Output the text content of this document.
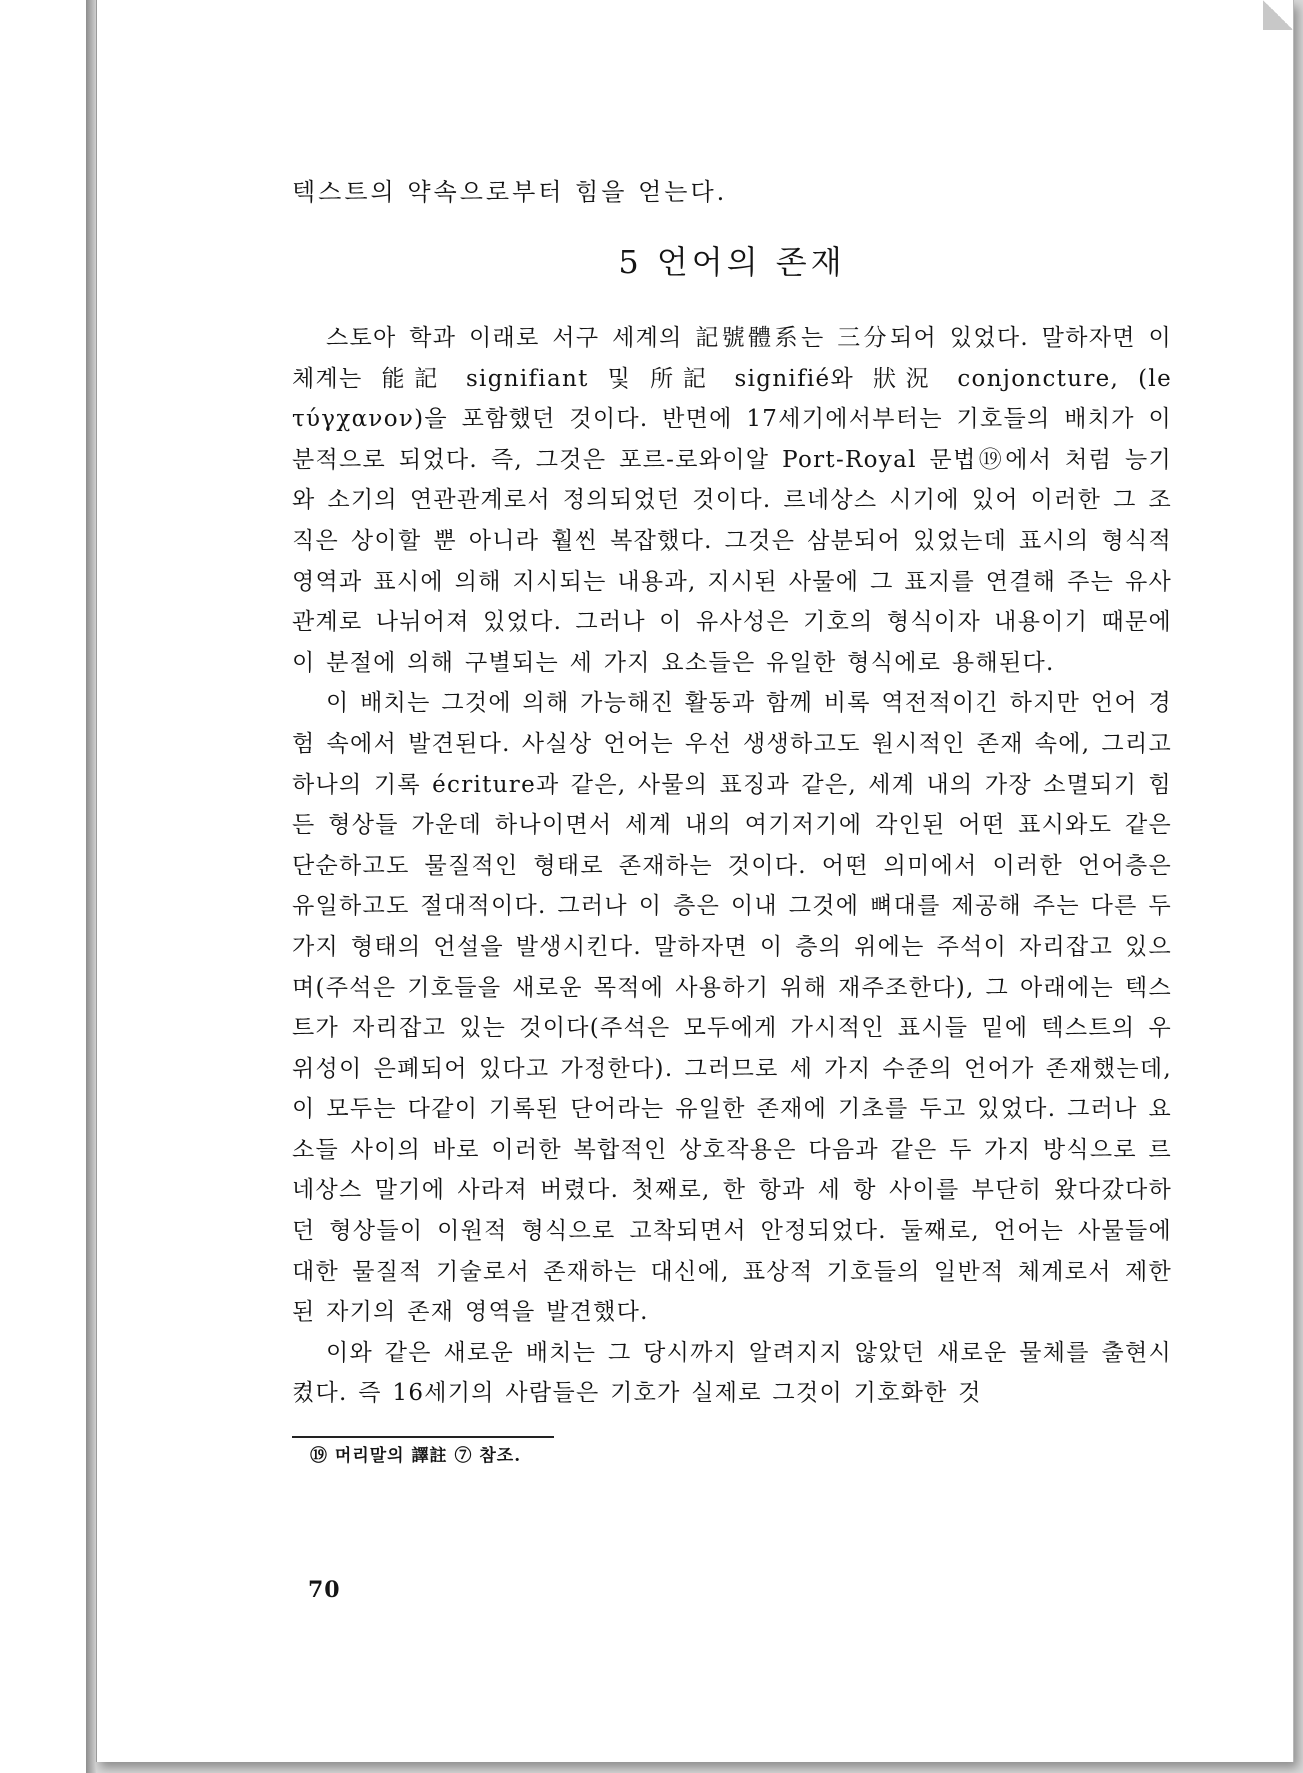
텍스트의 약속으로부터 힘을 얻는다.

5 언어의 존재

스토아 학과 이래로 서구 세계의 記號體系는 三分되어 있었다. 말하자면 이 체계는 能記 signifiant 및 所記 signifié와 狀況 conjoncture, (le τύγχανον)을 포함했던 것이다. 반면에 17세기에서부터는 기호들의 배치가 이분적으로 되었다. 즉, 그것은 포르-로와이알 Port-Royal 문법⑲에서 처럼 능기와 소기의 연관관계로서 정의되었던 것이다. 르네상스 시기에 있어 이러한 그 조직은 상이할 뿐 아니라 훨씬 복잡했다. 그것은 삼분되어 있었는데 표시의 형식적 영역과 표시에 의해 지시되는 내용과, 지시된 사물에 그 표지를 연결해 주는 유사관계로 나뉘어져 있었다. 그러나 이 유사성은 기호의 형식이자 내용이기 때문에 이 분절에 의해 구별되는 세 가지 요소들은 유일한 형식에로 용해된다.

이 배치는 그것에 의해 가능해진 활동과 함께 비록 역전적이긴 하지만 언어 경험 속에서 발견된다. 사실상 언어는 우선 생생하고도 원시적인 존재 속에, 그리고 하나의 기록 écriture과 같은, 사물의 표징과 같은, 세계 내의 가장 소멸되기 힘든 형상들 가운데 하나이면서 세계 내의 여기저기에 각인된 어떤 표시와도 같은 단순하고도 물질적인 형태로 존재하는 것이다. 어떤 의미에서 이러한 언어층은 유일하고도 절대적이다. 그러나 이 층은 이내 그것에 뼈대를 제공해 주는 다른 두 가지 형태의 언설을 발생시킨다. 말하자면 이 층의 위에는 주석이 자리잡고 있으며(주석은 기호들을 새로운 목적에 사용하기 위해 재주조한다), 그 아래에는 텍스트가 자리잡고 있는 것이다(주석은 모두에게 가시적인 표시들 밑에 텍스트의 우위성이 은폐되어 있다고 가정한다). 그러므로 세 가지 수준의 언어가 존재했는데, 이 모두는 다같이 기록된 단어라는 유일한 존재에 기초를 두고 있었다. 그러나 요소들 사이의 바로 이러한 복합적인 상호작용은 다음과 같은 두 가지 방식으로 르네상스 말기에 사라져 버렸다. 첫째로, 한 항과 세 항 사이를 부단히 왔다갔다하던 형상들이 이원적 형식으로 고착되면서 안정되었다. 둘째로, 언어는 사물들에 대한 물질적 기술로서 존재하는 대신에, 표상적 기호들의 일반적 체계로서 제한된 자기의 존재 영역을 발견했다.

이와 같은 새로운 배치는 그 당시까지 알려지지 않았던 새로운 물체를 출현시켰다. 즉 16세기의 사람들은 기호가 실제로 그것이 기호화한 것

⑲ 머리말의 譯註 ⑦ 참조.

70
